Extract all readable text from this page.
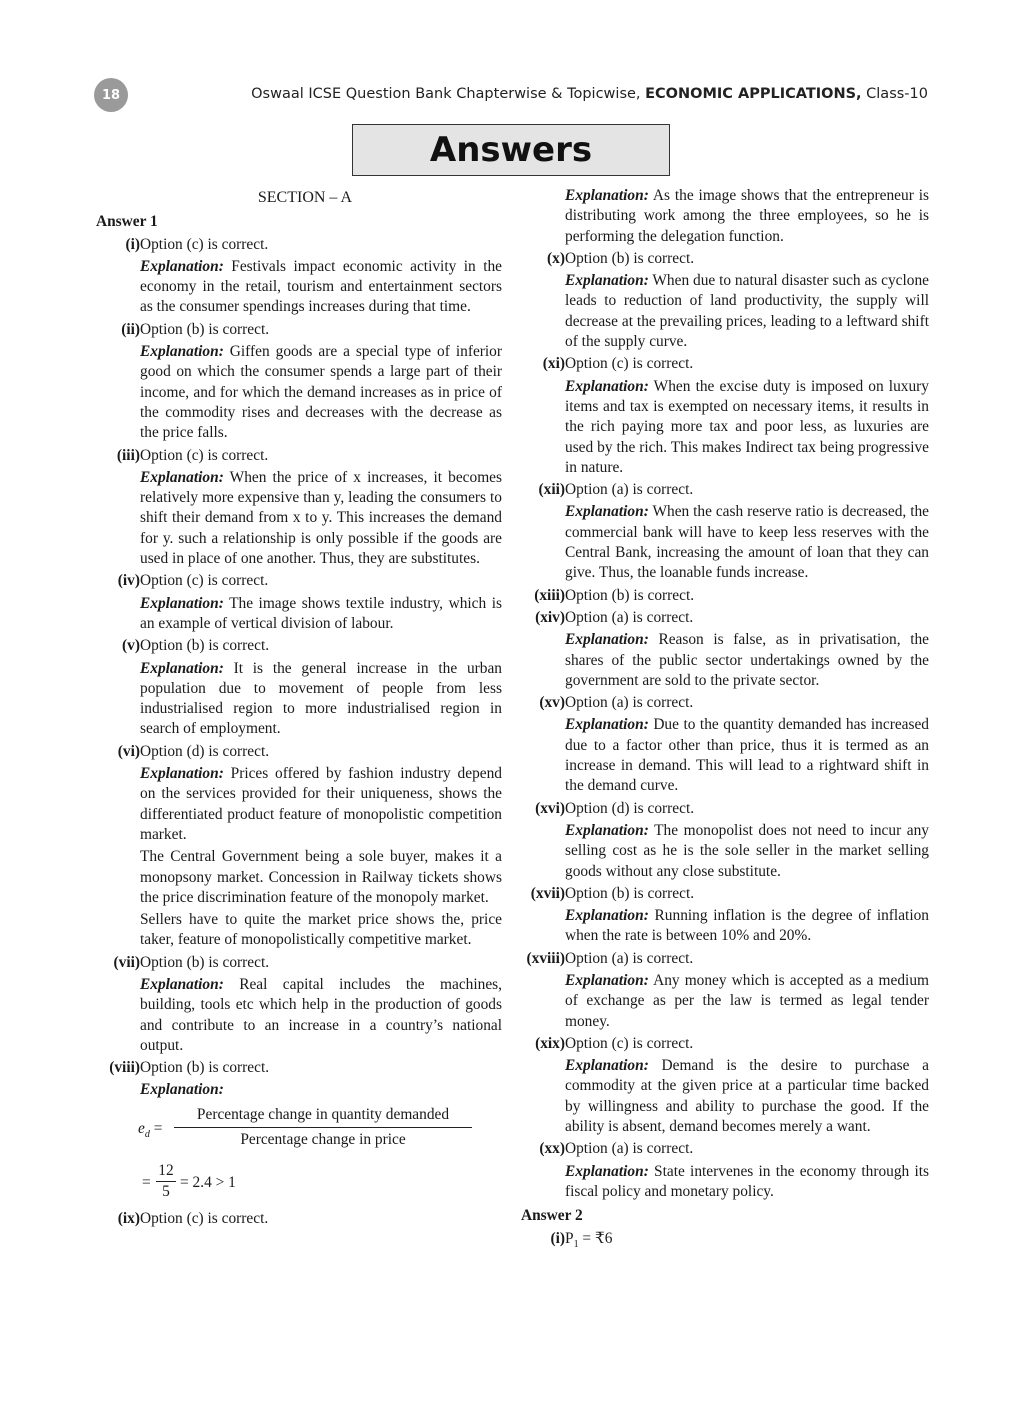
18	Oswaal ICSE Question Bank Chapterwise & Topicwise, ECONOMIC APPLICATIONS, Class-10
Answers
SECTION – A
Answer 1
(i) Option (c) is correct.
Explanation: Festivals impact economic activity in the economy in the retail, tourism and entertainment sectors as the consumer spendings increases during that time.
(ii) Option (b) is correct.
Explanation: Giffen goods are a special type of inferior good on which the consumer spends a large part of their income, and for which the demand increases as in price of the commodity rises and decreases with the decrease as the price falls.
(iii) Option (c) is correct.
Explanation: When the price of x increases, it becomes relatively more expensive than y, leading the consumers to shift their demand from x to y. This increases the demand for y. such a relationship is only possible if the goods are used in place of one another. Thus, they are substitutes.
(iv) Option (c) is correct.
Explanation: The image shows textile industry, which is an example of vertical division of labour.
(v) Option (b) is correct.
Explanation: It is the general increase in the urban population due to movement of people from less industrialised region to more industrialised region in search of employment.
(vi) Option (d) is correct.
Explanation: Prices offered by fashion industry depend on the services provided for their uniqueness, shows the differentiated product feature of monopolistic competition market.
The Central Government being a sole buyer, makes it a monopsony market. Concession in Railway tickets shows the price discrimination feature of the monopoly market.
Sellers have to quite the market price shows the, price taker, feature of monopolistically competitive market.
(vii) Option (b) is correct.
Explanation: Real capital includes the machines, building, tools etc which help in the production of goods and contribute to an increase in a country’s national output.
(viii) Option (b) is correct.
Explanation:
$e_d$ =
Percentage change in quantity demanded
Percentage change in price
= $\frac{12}{5} = 2.4 > 1$
(ix) Option (c) is correct.
Explanation: As the image shows that the entrepreneur is distributing work among the three employees, so he is performing the delegation function.
(x) Option (b) is correct.
Explanation: When due to natural disaster such as cyclone leads to reduction of land productivity, the supply will decrease at the prevailing prices, leading to a leftward shift of the supply curve.
(xi) Option (c) is correct.
Explanation: When the excise duty is imposed on luxury items and tax is exempted on necessary items, it results in the rich paying more tax and poor less, as luxuries are used by the rich. This makes Indirect tax being progressive in nature.
(xii) Option (a) is correct.
Explanation: When the cash reserve ratio is decreased, the commercial bank will have to keep less reserves with the Central Bank, increasing the amount of loan that they can give. Thus, the loanable funds increase.
(xiii) Option (b) is correct.
(xiv) Option (a) is correct.
Explanation: Reason is false, as in privatisation, the shares of the public sector undertakings owned by the government are sold to the private sector.
(xv) Option (a) is correct.
Explanation: Due to the quantity demanded has increased due to a factor other than price, thus it is termed as an increase in demand. This will lead to a rightward shift in the demand curve.
(xvi) Option (d) is correct.
Explanation: The monopolist does not need to incur any selling cost as he is the sole seller in the market selling goods without any close substitute.
(xvii) Option (b) is correct.
Explanation: Running inflation is the degree of inflation when the rate is between 10% and 20%.
(xviii) Option (a) is correct.
Explanation: Any money which is accepted as a medium of exchange as per the law is termed as legal tender money.
(xix) Option (c) is correct.
Explanation: Demand is the desire to purchase a commodity at the given price at a particular time backed by willingness and ability to purchase the good. If the ability is absent, demand becomes merely a want.
(xx) Option (a) is correct.
Explanation: State intervenes in the economy through its fiscal policy and monetary policy.
Answer 2
(i) $P_1$ = ₹6
